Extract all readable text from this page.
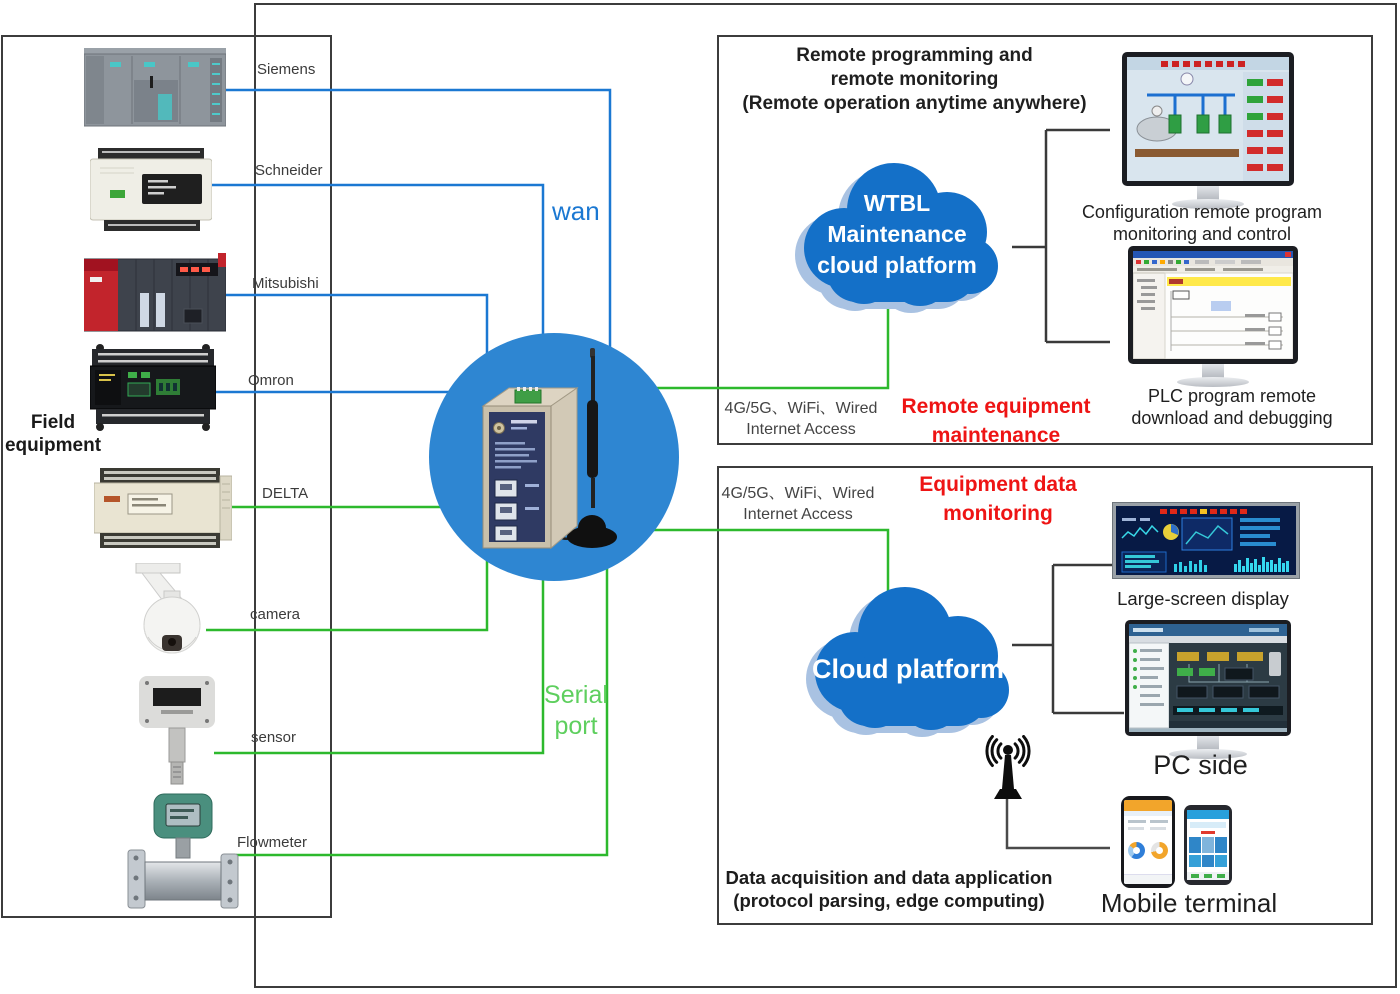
wan
Serial
port
Field equipment
Siemens
Schneider
Mitsubishi
Omron
DELTA
camera
sensor
Flowmeter
Remote programming and
remote monitoring
(Remote operation anytime anywhere)
WTBL
Maintenance
cloud platform
4G/5G、WiFi、Wired
Internet Access
Remote equipment
maintenance
Configuration remote program
monitoring and control
PLC program remote
download and debugging
4G/5G、WiFi、Wired
Internet Access
Equipment data
monitoring
Cloud platform
Large-screen display
PC side
Mobile terminal
Data acquisition and data application
(protocol parsing, edge computing)
